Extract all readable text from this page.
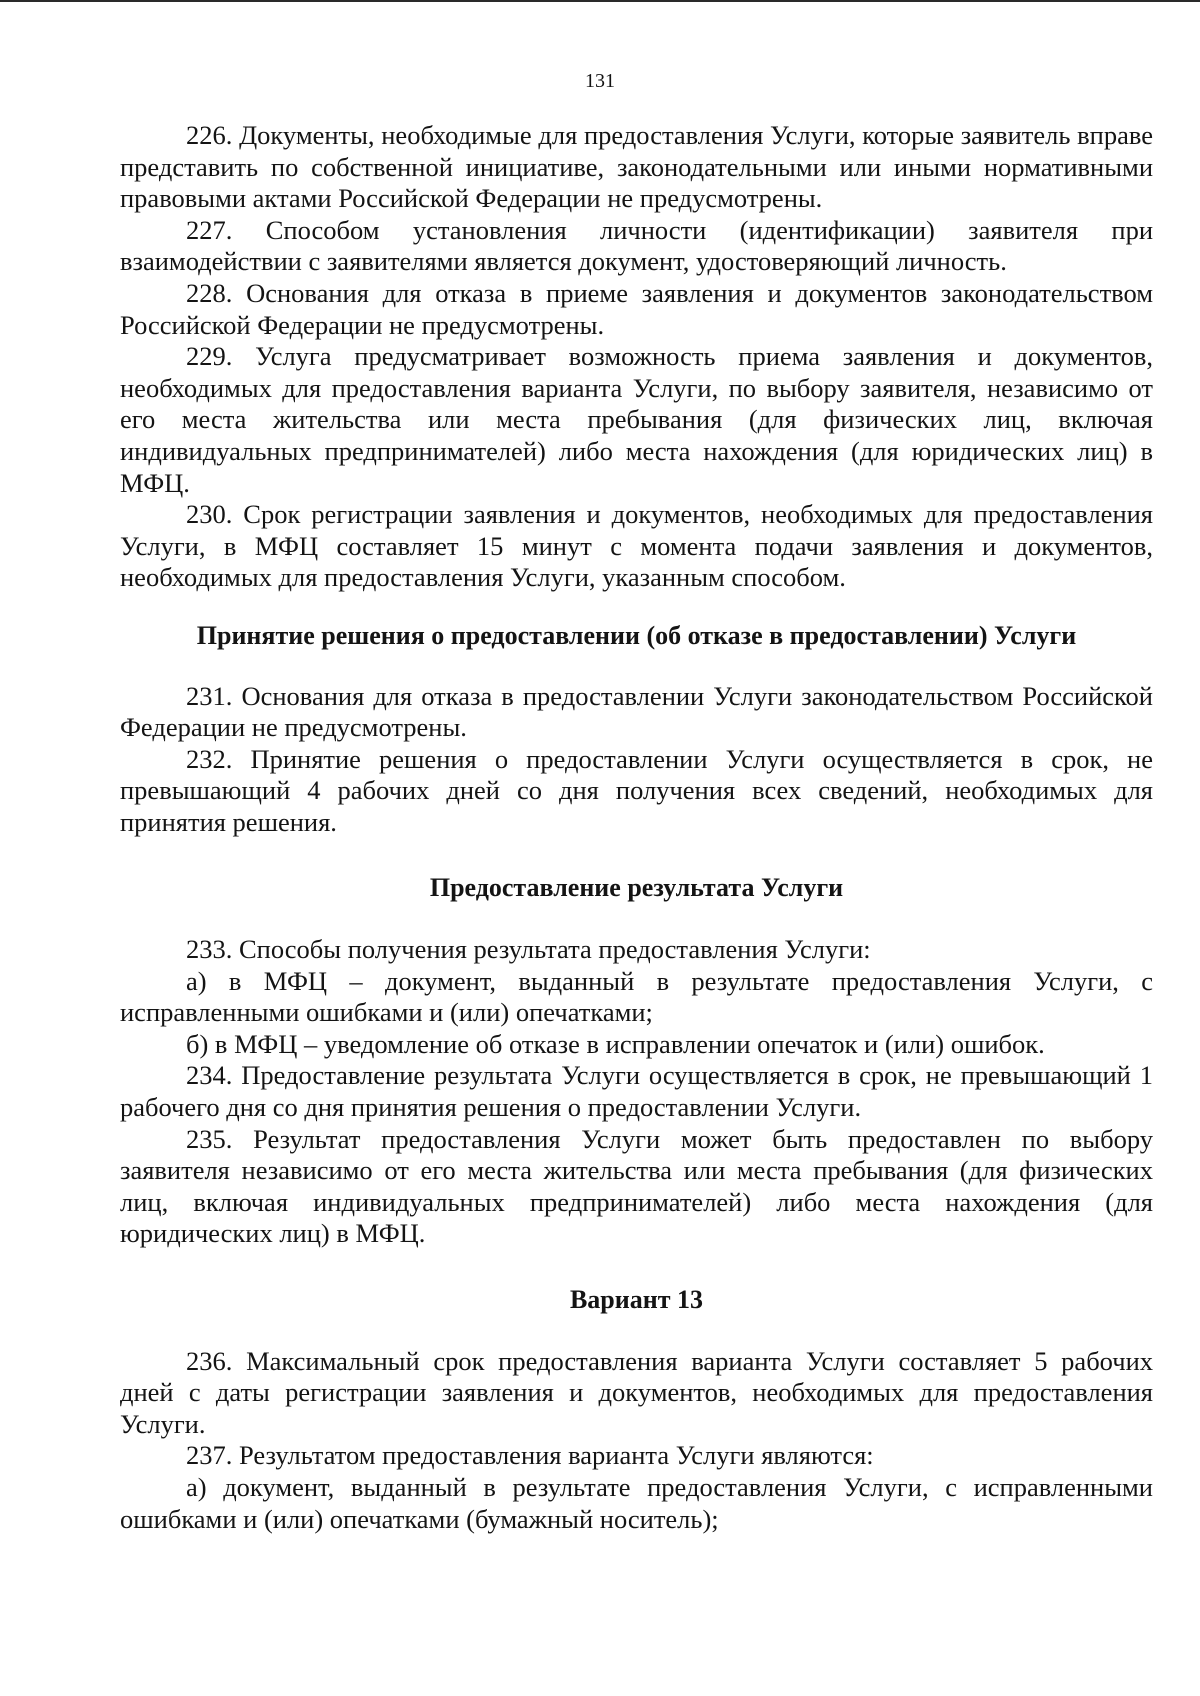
131

226. Документы, необходимые для предоставления Услуги, которые заявитель вправе представить по собственной инициативе, законодательными или иными нормативными правовыми актами Российской Федерации не предусмотрены.

227. Способом установления личности (идентификации) заявителя при взаимодействии с заявителями является документ, удостоверяющий личность.

228. Основания для отказа в приеме заявления и документов законодательством Российской Федерации не предусмотрены.

229. Услуга предусматривает возможность приема заявления и документов, необходимых для предоставления варианта Услуги, по выбору заявителя, независимо от его места жительства или места пребывания (для физических лиц, включая индивидуальных предпринимателей) либо места нахождения (для юридических лиц) в МФЦ.

230. Срок регистрации заявления и документов, необходимых для предоставления Услуги, в МФЦ составляет 15 минут с момента подачи заявления и документов, необходимых для предоставления Услуги, указанным способом.

Принятие решения о предоставлении (об отказе в предоставлении) Услуги

231. Основания для отказа в предоставлении Услуги законодательством Российской Федерации не предусмотрены.

232. Принятие решения о предоставлении Услуги осуществляется в срок, не превышающий 4 рабочих дней со дня получения всех сведений, необходимых для принятия решения.

Предоставление результата Услуги

233. Способы получения результата предоставления Услуги:

а) в МФЦ – документ, выданный в результате предоставления Услуги, с исправленными ошибками и (или) опечатками;

б) в МФЦ – уведомление об отказе в исправлении опечаток и (или) ошибок.

234. Предоставление результата Услуги осуществляется в срок, не превышающий 1 рабочего дня со дня принятия решения о предоставлении Услуги.

235. Результат предоставления Услуги может быть предоставлен по выбору заявителя независимо от его места жительства или места пребывания (для физических лиц, включая индивидуальных предпринимателей) либо места нахождения (для юридических лиц) в МФЦ.

Вариант 13

236. Максимальный срок предоставления варианта Услуги составляет 5 рабочих дней с даты регистрации заявления и документов, необходимых для предоставления Услуги.

237. Результатом предоставления варианта Услуги являются:

а) документ, выданный в результате предоставления Услуги, с исправленными ошибками и (или) опечатками (бумажный носитель);
